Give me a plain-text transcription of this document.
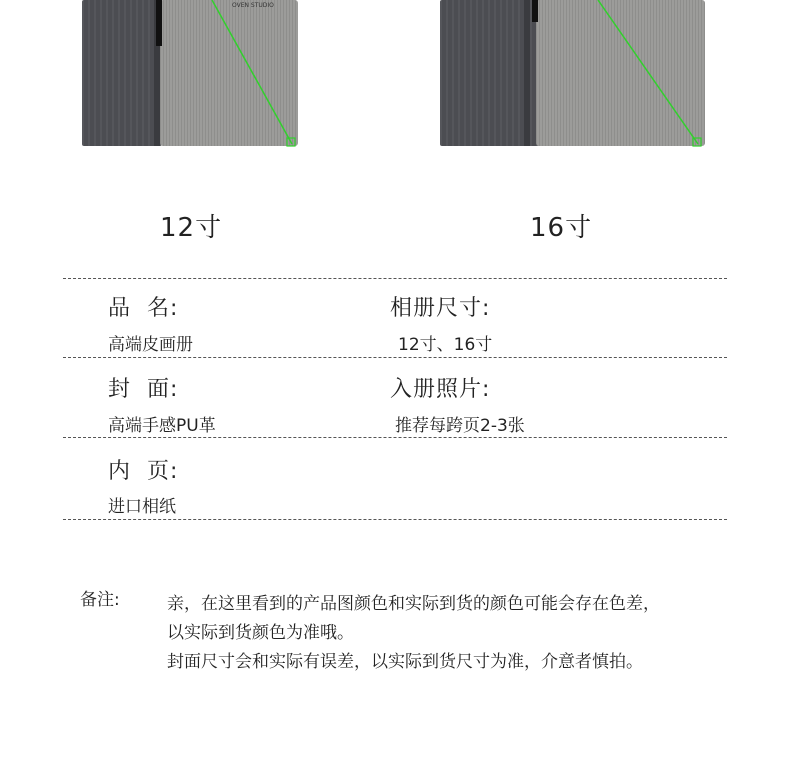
OVEN STUDIO
12寸	16寸
品  名:	相册尺寸:
高端皮画册	12寸、16寸
封  面:	入册照片:
高端手感PU革	推荐每跨页2-3张
内  页:
进口相纸
备注:	亲，在这里看到的产品图颜色和实际到货的颜色可能会存在色差，
以实际到货颜色为准哦。
封面尺寸会和实际有误差，以实际到货尺寸为准，介意者慎拍。
